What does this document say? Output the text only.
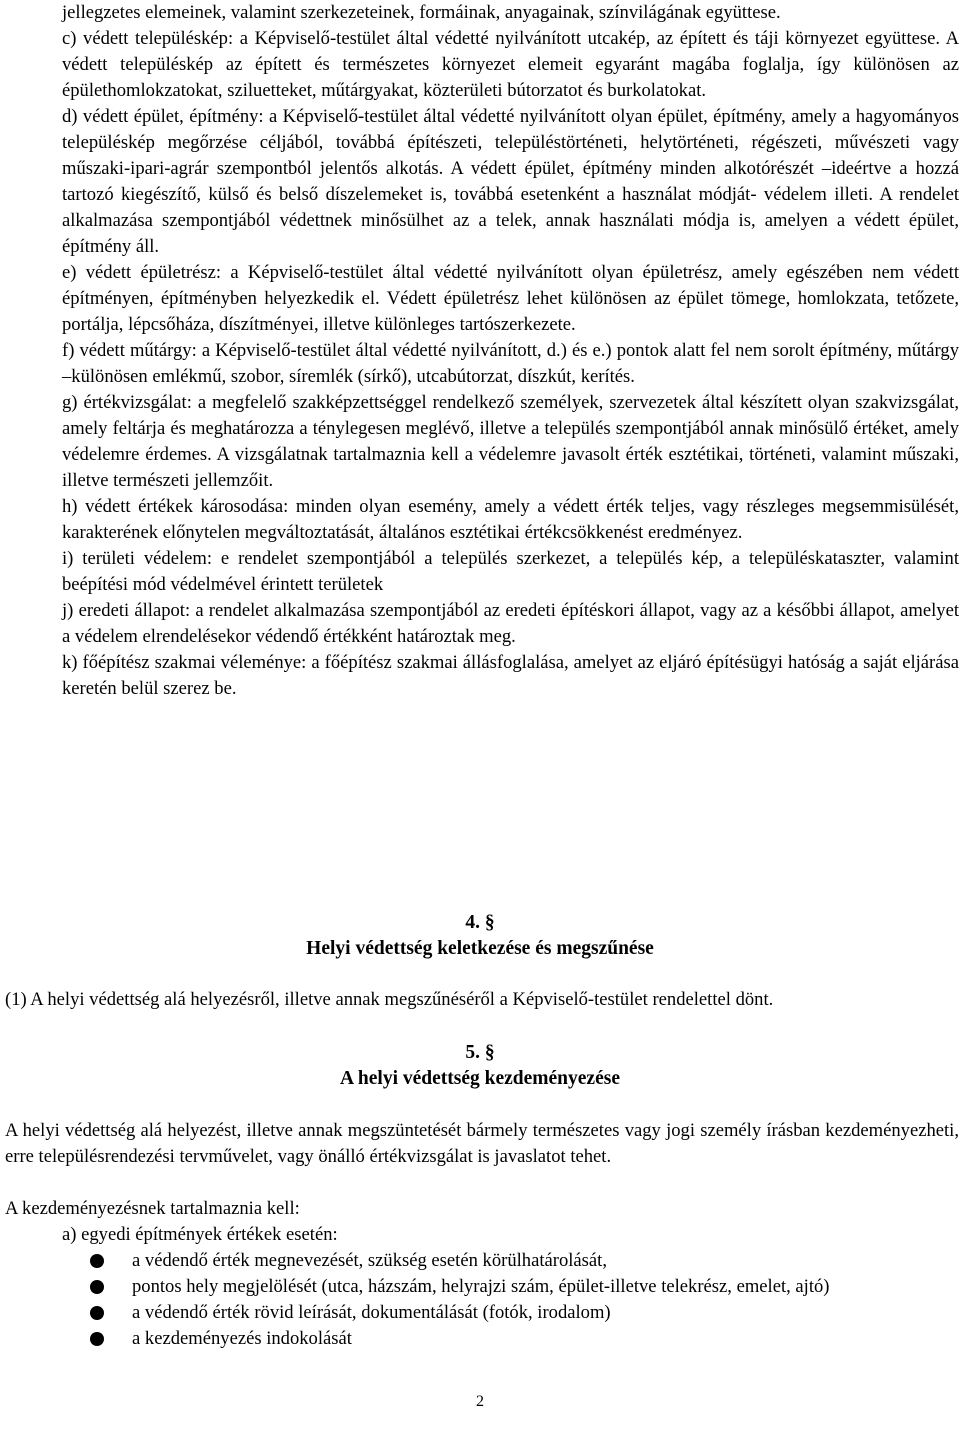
jellegzetes elemeinek, valamint szerkezeteinek, formáinak, anyagainak, színvilágának együttese.

c) védett településkép: a Képviselő-testület által védetté nyilvánított utcakép, az épített és táji környezet együttese. A védett településkép az épített és természetes környezet elemeit egyaránt magába foglalja, így különösen az épülethomlokzatokat, sziluetteket, műtárgyakat, közterületi bútorzatot és burkolatokat.

d) védett épület, építmény: a Képviselő-testület által védetté nyilvánított olyan épület, építmény, amely a hagyományos településkép megőrzése céljából, továbbá építészeti, településtörténeti, helytörténeti, régészeti, művészeti vagy műszaki-ipari-agrár szempontból jelentős alkotás. A védett épület, építmény minden alkotórészét –ideértve a hozzá tartozó kiegészítő, külső és belső díszelemeket is, továbbá esetenként a használat módját- védelem illeti. A rendelet alkalmazása szempontjából védettnek minősülhet az a telek, annak használati módja is, amelyen a védett épület, építmény áll.

e) védett épületrész: a Képviselő-testület által védetté nyilvánított olyan épületrész, amely egészében nem védett építményen, építményben helyezkedik el. Védett épületrész lehet különösen az épület tömege, homlokzata, tetőzete, portálja, lépcsőháza, díszítményei, illetve különleges tartószerkezete.

f) védett műtárgy: a Képviselő-testület által védetté nyilvánított, d.) és e.) pontok alatt fel nem sorolt építmény, műtárgy –különösen emlékmű, szobor, síremlék (sírkő), utcabútorzat, díszkút, kerítés.

g) értékvizsgálat: a megfelelő szakképzettséggel rendelkező személyek, szervezetek által készített olyan szakvizsgálat, amely feltárja és meghatározza a ténylegesen meglévő, illetve a település szempontjából annak minősülő értéket, amely védelemre érdemes. A vizsgálatnak tartalmaznia kell a védelemre javasolt érték esztétikai, történeti, valamint műszaki, illetve természeti jellemzőit.

h) védett értékek károsodása: minden olyan esemény, amely a védett érték teljes, vagy részleges megsemmisülését, karakterének előnytelen megváltoztatását, általános esztétikai értékcsökkenést eredményez.

i) területi védelem: e rendelet szempontjából a település szerkezet, a település kép, a településkataszter, valamint beépítési mód védelmével érintett területek

j) eredeti állapot: a rendelet alkalmazása szempontjából az eredeti építéskori állapot, vagy az a későbbi állapot, amelyet a védelem elrendelésekor védendő értékként határoztak meg.

k) főépítész szakmai véleménye: a főépítész szakmai állásfoglalása, amelyet az eljáró építésügyi hatóság a saját eljárása keretén belül szerez be.

4. §
Helyi védettség keletkezése és megszűnése
(1) A helyi védettség alá helyezésről, illetve annak megszűnéséről a Képviselő-testület rendelettel dönt.
5. §
A helyi védettség kezdeményezése
A helyi védettség alá helyezést, illetve annak megszüntetését bármely természetes vagy jogi személy írásban kezdeményezheti, erre településrendezési tervművelet, vagy önálló értékvizsgálat is javaslatot tehet.
A kezdeményezésnek tartalmaznia kell:
a) egyedi építmények értékek esetén:
a védendő érték megnevezését, szükség esetén körülhatárolását,
pontos hely megjelölését (utca, házszám, helyrajzi szám, épület-illetve telekrész, emelet, ajtó)
a védendő érték rövid leírását, dokumentálását (fotók, irodalom)
a kezdeményezés indokolását
2
